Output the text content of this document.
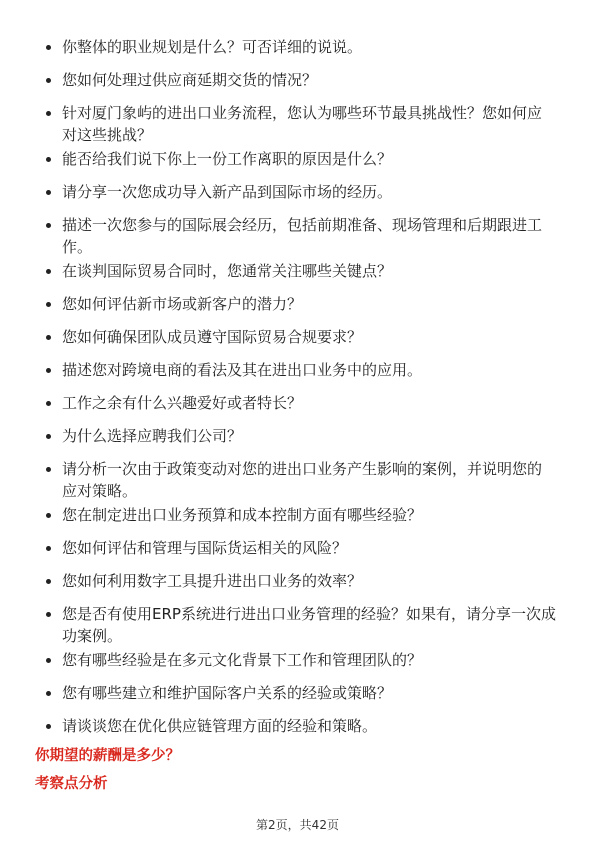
你整体的职业规划是什么？可否详细的说说。
您如何处理过供应商延期交货的情况？
针对厦门象屿的进出口业务流程，您认为哪些环节最具挑战性？您如何应对这些挑战？
能否给我们说下你上一份工作离职的原因是什么？
请分享一次您成功导入新产品到国际市场的经历。
描述一次您参与的国际展会经历，包括前期准备、现场管理和后期跟进工作。
在谈判国际贸易合同时，您通常关注哪些关键点？
您如何评估新市场或新客户的潜力？
您如何确保团队成员遵守国际贸易合规要求？
描述您对跨境电商的看法及其在进出口业务中的应用。
工作之余有什么兴趣爱好或者特长？
为什么选择应聘我们公司？
请分析一次由于政策变动对您的进出口业务产生影响的案例，并说明您的应对策略。
您在制定进出口业务预算和成本控制方面有哪些经验？
您如何评估和管理与国际货运相关的风险？
您如何利用数字工具提升进出口业务的效率？
您是否有使用ERP系统进行进出口业务管理的经验？如果有，请分享一次成功案例。
您有哪些经验是在多元文化背景下工作和管理团队的？
您有哪些建立和维护国际客户关系的经验或策略？
请谈谈您在优化供应链管理方面的经验和策略。
你期望的薪酬是多少？
考察点分析
第2页，共42页
